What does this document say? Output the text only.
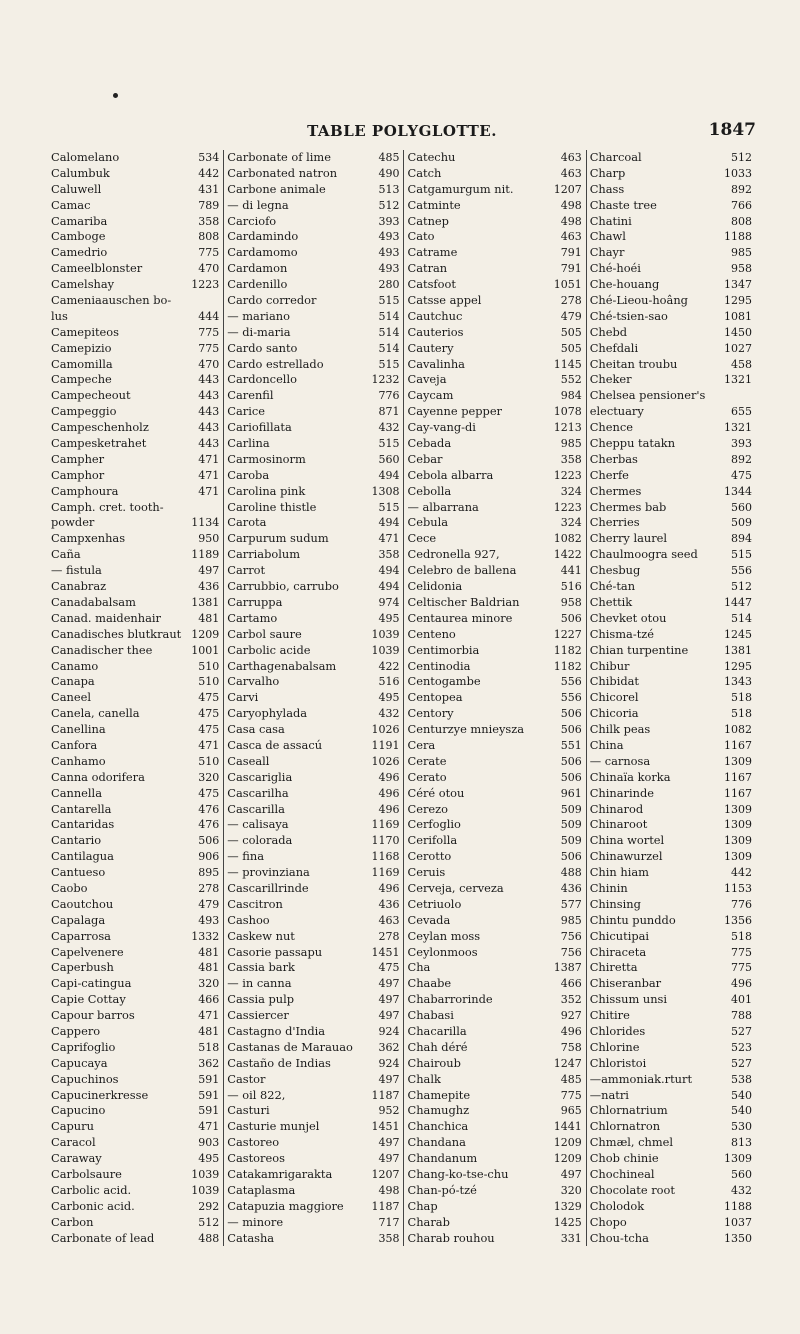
TABLE POLYGLOTTE.	1847
Calomelano	534
Calumbuk	442
Caluwell	431
Camac	789
Camariba	358
Camboge	808
Camedrio	775
Cameelblonster	470
Camelshay	1223
Cameniaauschen bo-
lus	444
Camepiteos	775
Camepizio	775
Camomilla	470
Campeche	443
Campecheout	443
Campeggio	443
Campeschenholz	443
Campesketrahet	443
Campher	471
Camphor	471
Camphoura	471
Camph. cret. tooth-
powder	1134
Campxenhas	950
Caña	1189
— fistula	497
Canabraz	436
Canadabalsam	1381
Canad. maidenhair	481
Canadisches blutkraut 1209
Canadischer thee	1001
Canamo	510
Canapa	510
Caneel	475
Canela, canella	475
Canellina	475
Canfora	471
Canhamo	510
Canna odorifera	320
Cannella	475
Cantarella	476
Cantaridas	476
Cantario	506
Cantilagua	906
Cantueso	895
Caobo	278
Caoutchou	479
Capalaga	493
Caparrosa	1332
Capelvenere	481
Caperbush	481
Capi-catingua	320
Capie Cottay	466
Capour barros	471
Cappero	481
Caprifoglio	518
Capucaya	362
Capuchinos	591
Capucinerkresse	591
Capucino	591
Capuru	471
Caracol	903
Caraway	495
Carbolsaure	1039
Carbolic acid.	1039
Carbonic acid.	292
Carbon	512
Carbonate of lead	488
Carbonate of lime	485
Carbonated natron	490
Carbone animale	513
— di legna	512
Carciofo	393
Cardamindo	493
Cardamomo	493
Cardamon	493
Cardenillo	280
Cardo corredor	515
— mariano	514
— di-maria	514
Cardo santo	514
Cardo estrellado	515
Cardoncello	1232
Carenfil	776
Carice	871
Cariofillata	432
Carlina	515
Carmosinorm	560
Caroba	494
Carolina pink	1308
Caroline thistle	515
Carota	494
Carpurum sudum	471
Carriabolum	358
Carrot	494
Carrubbio, carrubo	494
Carruppa	974
Cartamo	495
Carbol saure	1039
Carbolic acide	1039
Carthagenabalsam	422
Carvalho	516
Carvi	495
Caryophylada	432
Casa casa	1026
Casca de assacú	1191
Caseall	1026
Cascariglia	496
Cascarilha	496
Cascarilla	496
— calisaya	1169
— colorada	1170
— fina	1168
— provinziana	1169
Cascarillrinde	496
Cascitron	436
Cashoo	463
Caskew nut	278
Casorie passapu	1451
Cassia bark	475
— in canna	497
Cassia pulp	497
Cassiercer	497
Castagno d'India	924
Castanas de Marauao	362
Castaño de Indias	924
Castor	497
— oil 822,	1187
Casturi	952
Casturie munjel	1451
Castoreo	497
Castoreos	497
Catakamrigarakta	1207
Cataplasma	498
Catapuzia maggiore	1187
— minore	717
Catasha	358
Catechu	463
Catch	463
Catgamurgum nit.	1207
Catminte	498
Catnep	498
Cato	463
Catrame	791
Catran	791
Catsfoot	1051
Catsse appel	278
Cautchuc	479
Cauterios	505
Cautery	505
Cavalinha	1145
Caveja	552
Caycam	984
Cayenne pepper	1078
Cay-vang-di	1213
Cebada	985
Cebar	358
Cebola albarra	1223
Cebolla	324
— albarrana	1223
Cebula	324
Cece	1082
Cedronella 927,	1422
Celebro de ballena	441
Celidonia	516
Celtischer Baldrian	958
Centaurea minore	506
Centeno	1227
Centimorbia	1182
Centinodia	1182
Centogambe	556
Centopea	556
Centory	506
Centurzye mnieysza	506
Cera	551
Cerate	506
Cerato	506
Céré otou	961
Cerezo	509
Cerfoglio	509
Cerifolla	509
Cerotto	506
Ceruis	488
Cerveja, cerveza	436
Cetriuolo	577
Cevada	985
Ceylan moss	756
Ceylonmoos	756
Cha	1387
Chaabe	466
Chabarrorinde	352
Chabasi	927
Chacarilla	496
Chah déré	758
Chairoub	1247
Chalk	485
Chamepite	775
Chamughz	965
Chanchica	1441
Chandana	1209
Chandanum	1209
Chang-ko-tse-chu	497
Chan-pó-tzé	320
Chap	1329
Charab	1425
Charab rouhou	331
Charcoal	512
Charp	1033
Chass	892
Chaste tree	766
Chatini	808
Chawl	1188
Chayr	985
Ché-hoéi	958
Che-houang	1347
Ché-Lieou-hoâng	1295
Ché-tsien-sao	1081
Chebd	1450
Chefdali	1027
Cheitan troubu	458
Cheker	1321
Chelsea pensioner's
electuary	655
Chence	1321
Cheppu tatakn	393
Cherbas	892
Cherfe	475
Chermes	1344
Chermes bab	560
Cherries	509
Cherry laurel	894
Chaulmoogra seed	515
Chesbug	556
Ché-tan	512
Chettik	1447
Chevket otou	514
Chisma-tzé	1245
Chian turpentine	1381
Chibur	1295
Chibidat	1343
Chicorel	518
Chicoria	518
Chilk peas	1082
China	1167
— carnosa	1309
Chinaïa korka	1167
Chinarinde	1167
Chinarod	1309
Chinaroot	1309
China wortel	1309
Chinawurzel	1309
Chin hiam	442
Chinin	1153
Chinsing	776
Chintu punddo	1356
Chicutipai	518
Chiraceta	775
Chiretta	775
Chiseranbar	496
Chissum unsi	401
Chitire	788
Chlorides	527
Chlorine	523
Chloristoi	527
—ammoniak.rturt	538
—natri	540
Chlornatrium	540
Chlornatron	530
Chmæl, chmel	813
Chob chinie	1309
Chochineal	560
Chocolate root	432
Cholodok	1188
Chopo	1037
Chou-tcha	1350
